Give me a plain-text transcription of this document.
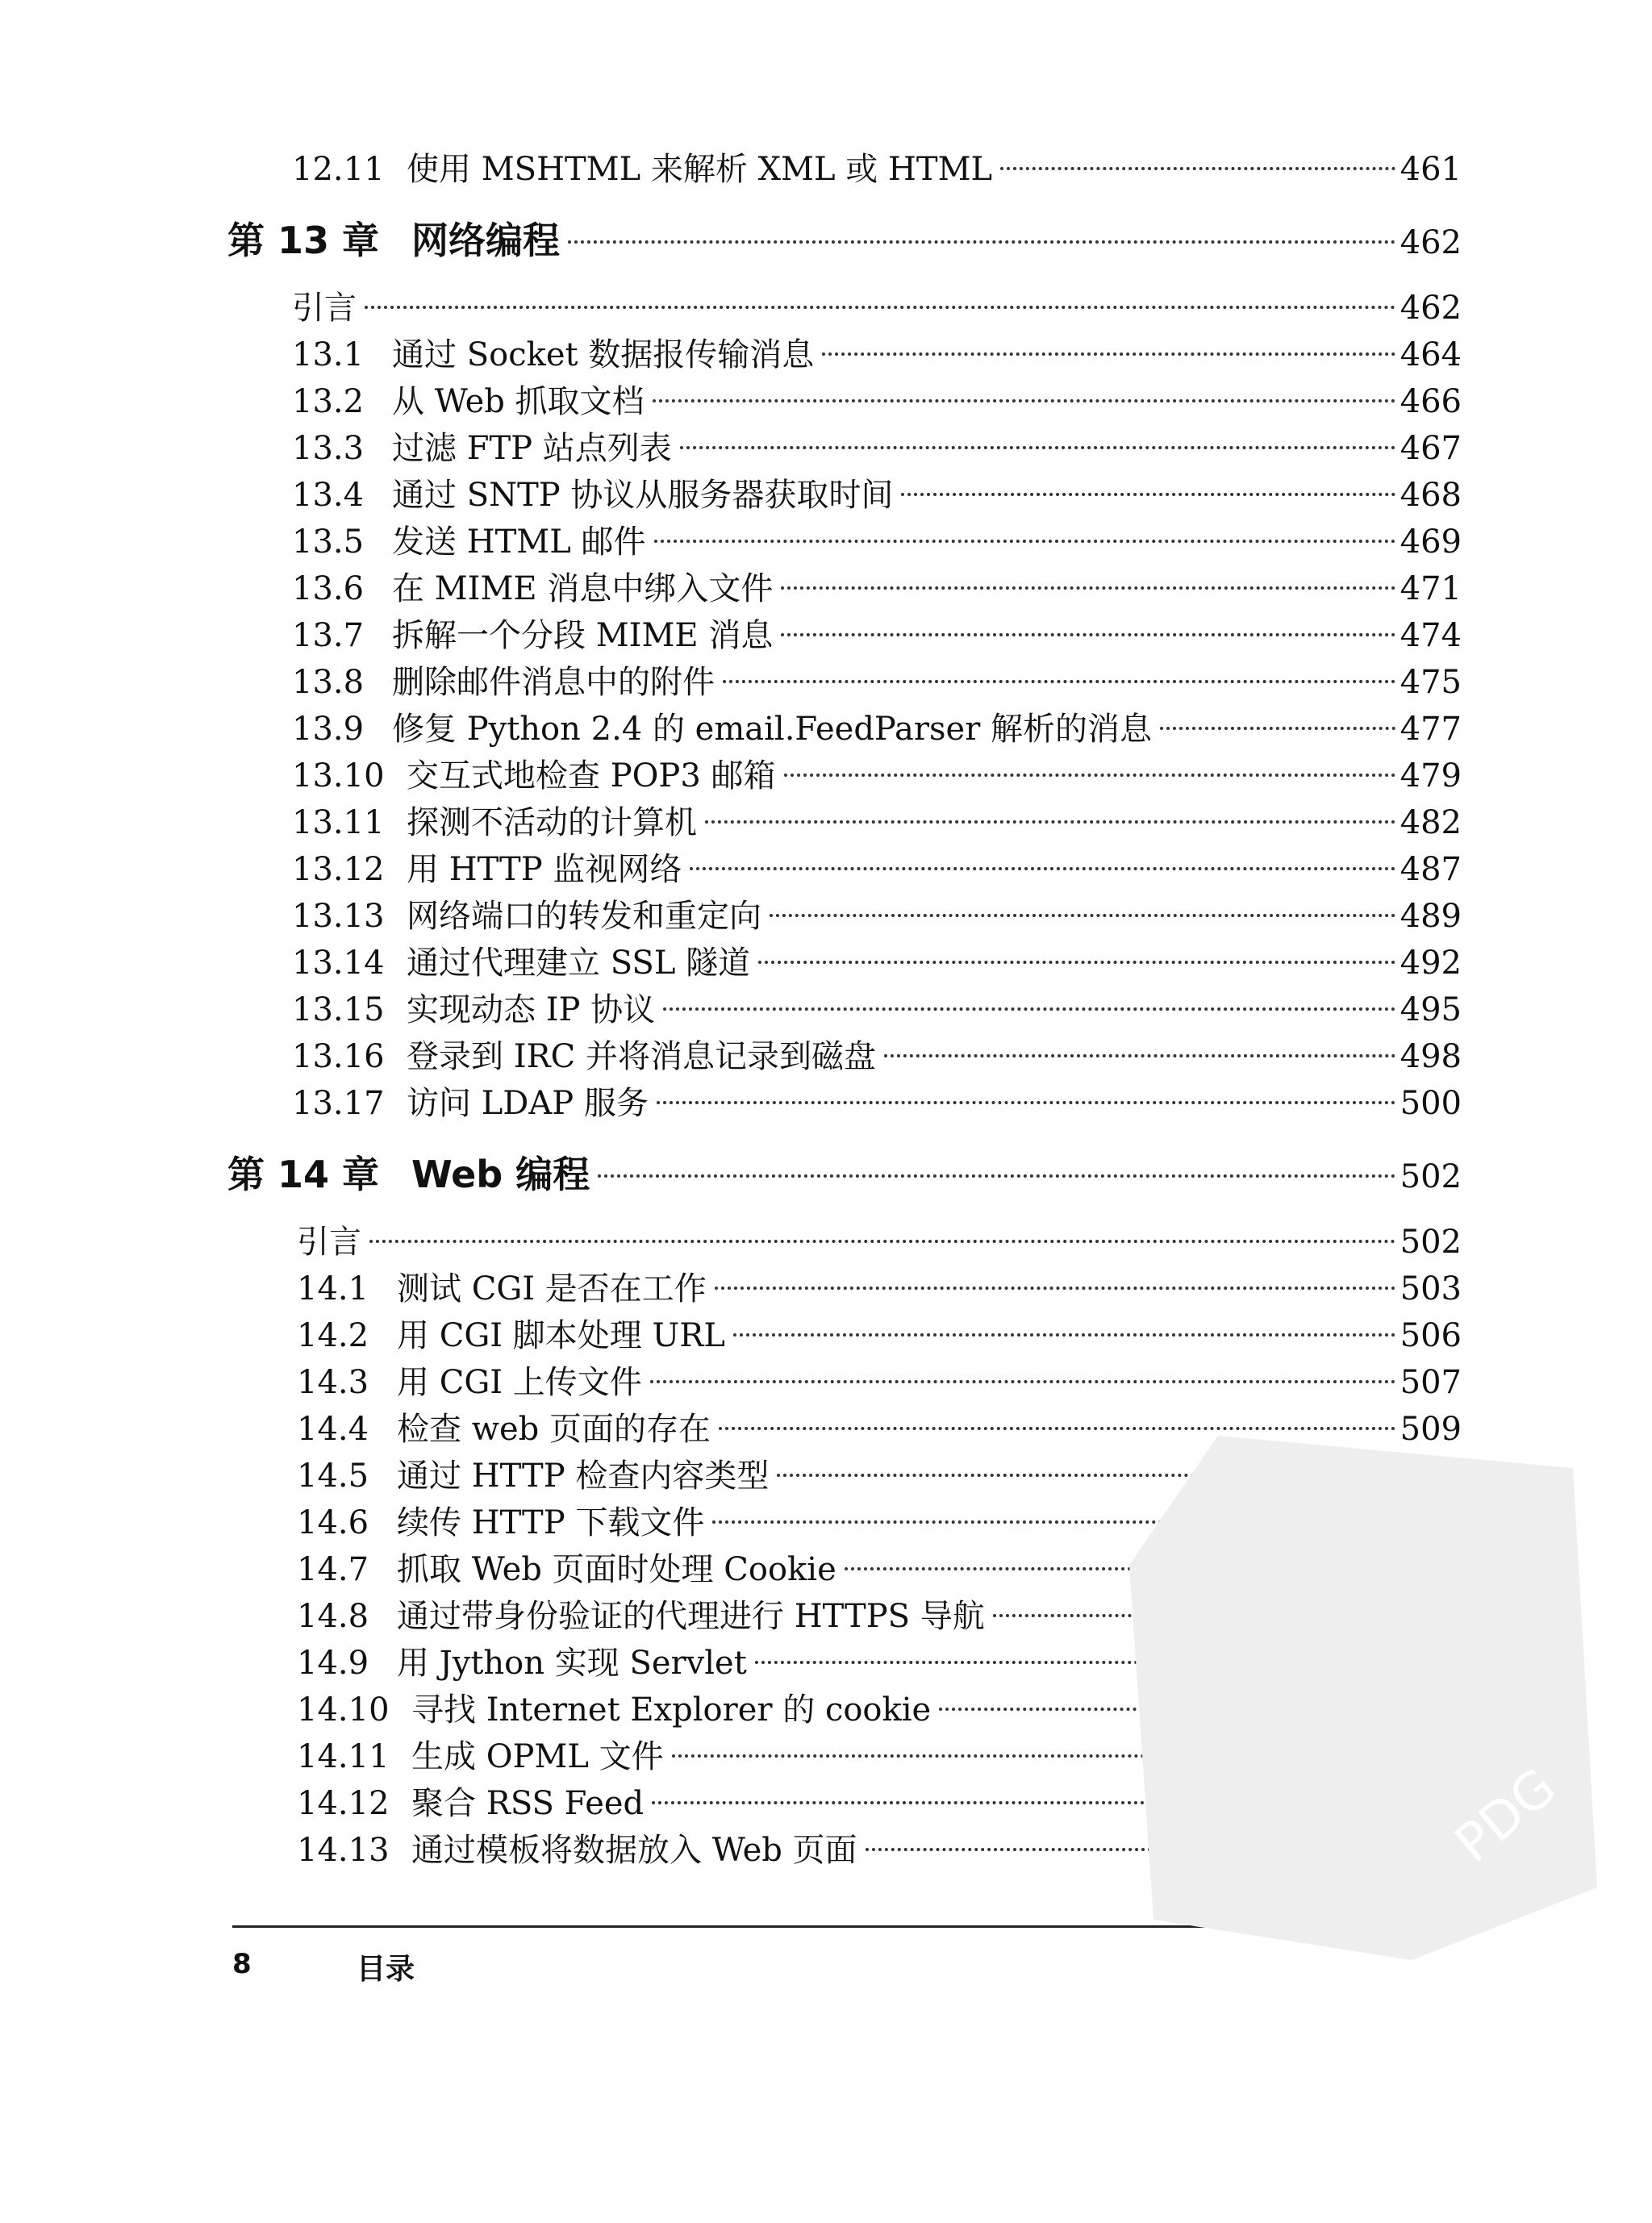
12.11 使用 MSHTML 来解析 XML 或 HTML	461
第 13 章 网络编程	462
引言	462
13.1 通过 Socket 数据报传输消息	464
13.2 从 Web 抓取文档	466
13.3 过滤 FTP 站点列表	467
13.4 通过 SNTP 协议从服务器获取时间	468
13.5 发送 HTML 邮件	469
13.6 在 MIME 消息中绑入文件	471
13.7 拆解一个分段 MIME 消息	474
13.8 删除邮件消息中的附件	475
13.9 修复 Python 2.4 的 email.FeedParser 解析的消息	477
13.10 交互式地检查 POP3 邮箱	479
13.11 探测不活动的计算机	482
13.12 用 HTTP 监视网络	487
13.13 网络端口的转发和重定向	489
13.14 通过代理建立 SSL 隧道	492
13.15 实现动态 IP 协议	495
13.16 登录到 IRC 并将消息记录到磁盘	498
13.17 访问 LDAP 服务	500
第 14 章 Web 编程	502
引言	502
14.1 测试 CGI 是否在工作	503
14.2 用 CGI 脚本处理 URL	506
14.3 用 CGI 上传文件	507
14.4 检查 web 页面的存在	509
14.5 通过 HTTP 检查内容类型
14.6 续传 HTTP 下载文件
14.7 抓取 Web 页面时处理 Cookie
14.8 通过带身份验证的代理进行 HTTPS 导航
14.9 用 Jython 实现 Servlet
14.10 寻找 Internet Explorer 的 cookie
14.11 生成 OPML 文件
14.12 聚合 RSS Feed
14.13 通过模板将数据放入 Web 页面
8	目录
PDG
